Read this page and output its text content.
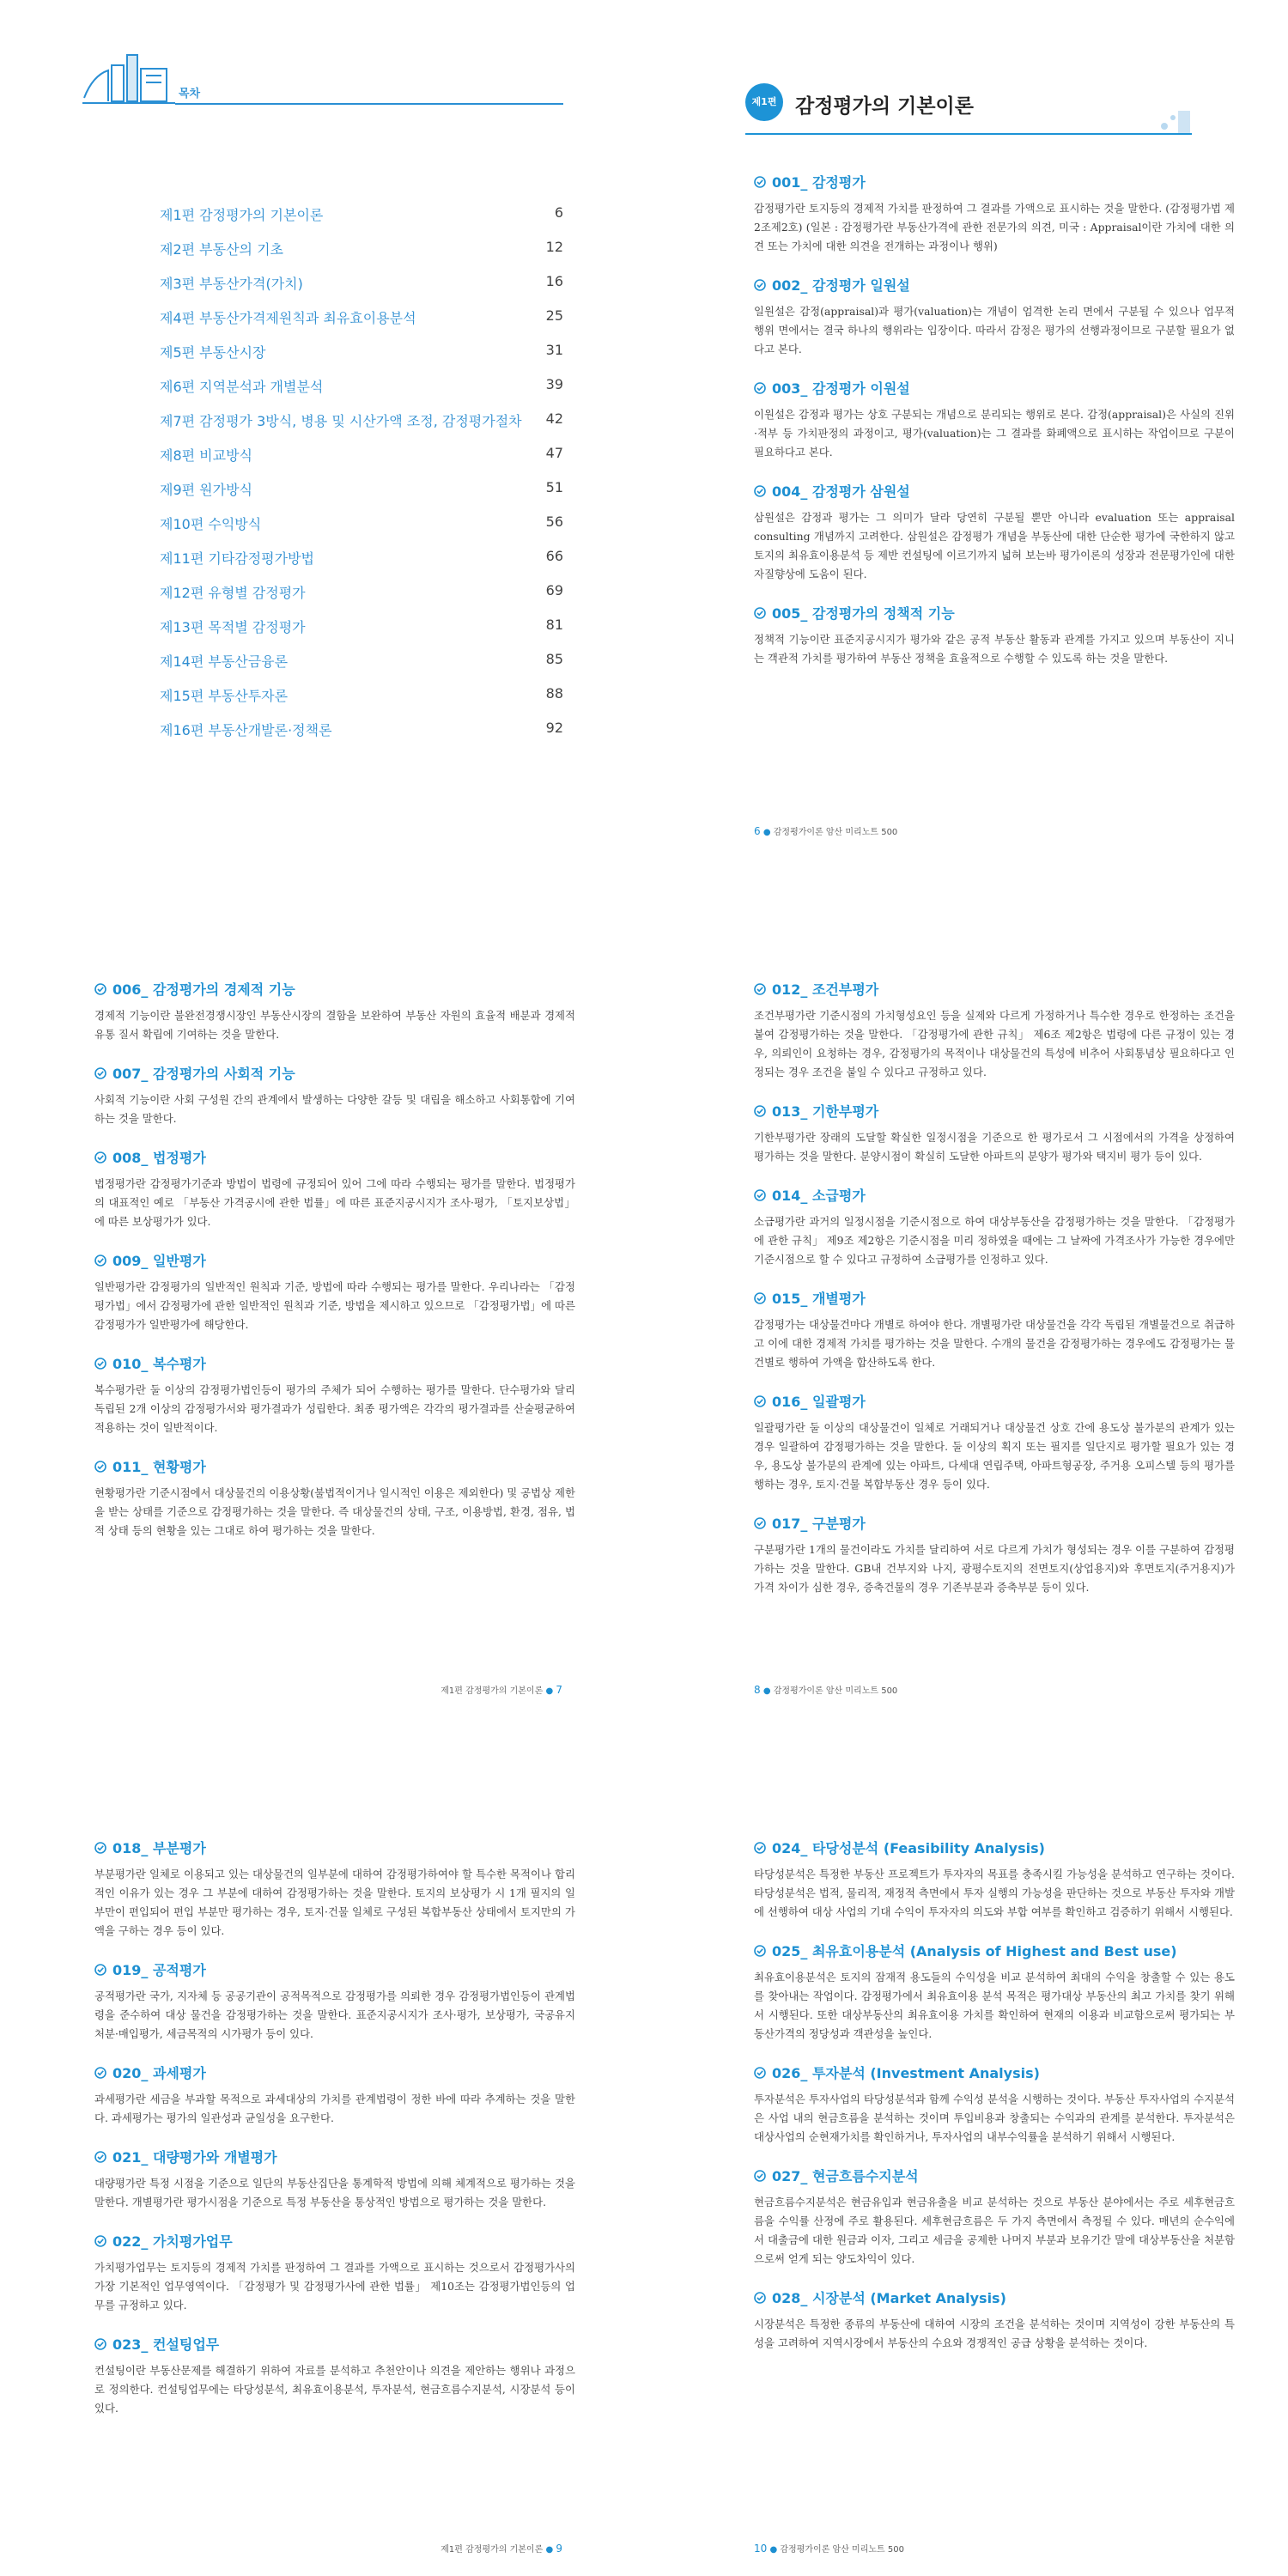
목차
제1편 감정평가의 기본이론	6
제2편 부동산의 기초	12
제3편 부동산가격(가치)	16
제4편 부동산가격제원칙과 최유효이용분석	25
제5편 부동산시장	31
제6편 지역분석과 개별분석	39
제7편 감정평가 3방식, 병용 및 시산가액 조정, 감정평가절차 42
제8편 비교방식	47
제9편 원가방식	51
제10편 수익방식	56
제11편 기타감정평가방법	66
제12편 유형별 감정평가	69
제13편 목적별 감정평가	81
제14편 부동산금융론	85
제15편 부동산투자론	88
제16편 부동산개발론·정책론	92
제1편 감정평가의 기본이론
001_ 감정평가

감정평가란 토지등의 경제적 가치를 판정하여 그 결과를 가액으로 표시하는 것을 말한다. (감정평가법 제2조제2호) (일본 : 감정평가란 부동산가격에 관한 전문가의 의견, 미국 : Appraisal이란 가치에 대한 의견 또는 가치에 대한 의견을 전개하는 과정이나 행위)

002_ 감정평가 일원설

일원설은 감정(appraisal)과 평가(valuation)는 개념이 엄격한 논리 면에서 구분될 수 있으나 업무적 행위 면에서는 결국 하나의 행위라는 입장이다. 따라서 감정은 평가의 선행과정이므로 구분할 필요가 없다고 본다.

003_ 감정평가 이원설

이원설은 감정과 평가는 상호 구분되는 개념으로 분리되는 행위로 본다. 감정(appraisal)은 사실의 진위·적부 등 가치판정의 과정이고, 평가(valuation)는 그 결과를 화폐액으로 표시하는 작업이므로 구분이 필요하다고 본다.

004_ 감정평가 삼원설

삼원설은 감정과 평가는 그 의미가 달라 당연히 구분될 뿐만 아니라 evaluation 또는 appraisal consulting 개념까지 고려한다. 삼원설은 감정평가 개념을 부동산에 대한 단순한 평가에 국한하지 않고 토지의 최유효이용분석 등 제반 컨설팅에 이르기까지 넓혀 보는바 평가이론의 성장과 전문평가인에 대한 자질향상에 도움이 된다.

005_ 감정평가의 정책적 기능

정책적 기능이란 표준지공시지가 평가와 같은 공적 부동산 활동과 관계를 가지고 있으며 부동산이 지니는 객관적 가치를 평가하여 부동산 정책을 효율적으로 수행할 수 있도록 하는 것을 말한다.

6 ● 감정평가이론 암산 미리노트 500
006_ 감정평가의 경제적 기능

경제적 기능이란 불완전경쟁시장인 부동산시장의 결함을 보완하여 부동산 자원의 효율적 배분과 경제적 유통 질서 확립에 기여하는 것을 말한다.

007_ 감정평가의 사회적 기능

사회적 기능이란 사회 구성원 간의 관계에서 발생하는 다양한 갈등 및 대립을 해소하고 사회통합에 기여하는 것을 말한다.

008_ 법정평가

법정평가란 감정평가기준과 방법이 법령에 규정되어 있어 그에 따라 수행되는 평가를 말한다. 법정평가의 대표적인 예로 「부동산 가격공시에 관한 법률」에 따른 표준지공시지가 조사·평가, 「토지보상법」에 따른 보상평가가 있다.

009_ 일반평가

일반평가란 감정평가의 일반적인 원칙과 기준, 방법에 따라 수행되는 평가를 말한다. 우리나라는 「감정평가법」에서 감정평가에 관한 일반적인 원칙과 기준, 방법을 제시하고 있으므로 「감정평가법」에 따른 감정평가가 일반평가에 해당한다.

010_ 복수평가

복수평가란 둘 이상의 감정평가법인등이 평가의 주체가 되어 수행하는 평가를 말한다. 단수평가와 달리 독립된 2개 이상의 감정평가서와 평가결과가 성립한다. 최종 평가액은 각각의 평가결과를 산술평균하여 적용하는 것이 일반적이다.

011_ 현황평가

현황평가란 기준시점에서 대상물건의 이용상황(불법적이거나 일시적인 이용은 제외한다) 및 공법상 제한을 받는 상태를 기준으로 감정평가하는 것을 말한다. 즉 대상물건의 상태, 구조, 이용방법, 환경, 점유, 법적 상태 등의 현황을 있는 그대로 하여 평가하는 것을 말한다.

제1편 감정평가의 기본이론 ● 7
012_ 조건부평가

조건부평가란 기준시점의 가치형성요인 등을 실제와 다르게 가정하거나 특수한 경우로 한정하는 조건을 붙여 감정평가하는 것을 말한다. 「감정평가에 관한 규칙」 제6조 제2항은 법령에 다른 규정이 있는 경우, 의뢰인이 요청하는 경우, 감정평가의 목적이나 대상물건의 특성에 비추어 사회통념상 필요하다고 인정되는 경우 조건을 붙일 수 있다고 규정하고 있다.

013_ 기한부평가

기한부평가란 장래의 도달할 확실한 일정시점을 기준으로 한 평가로서 그 시점에서의 가격을 상정하여 평가하는 것을 말한다. 분양시점이 확실히 도달한 아파트의 분양가 평가와 택지비 평가 등이 있다.

014_ 소급평가

소급평가란 과거의 일정시점을 기준시점으로 하여 대상부동산을 감정평가하는 것을 말한다. 「감정평가에 관한 규칙」 제9조 제2항은 기준시점을 미리 정하였을 때에는 그 날짜에 가격조사가 가능한 경우에만 기준시점으로 할 수 있다고 규정하여 소급평가를 인정하고 있다.

015_ 개별평가

감정평가는 대상물건마다 개별로 하여야 한다. 개별평가란 대상물건을 각각 독립된 개별물건으로 취급하고 이에 대한 경제적 가치를 평가하는 것을 말한다. 수개의 물건을 감정평가하는 경우에도 감정평가는 물건별로 행하여 가액을 합산하도록 한다.

016_ 일괄평가

일괄평가란 둘 이상의 대상물건이 일체로 거래되거나 대상물건 상호 간에 용도상 불가분의 관계가 있는 경우 일괄하여 감정평가하는 것을 말한다. 둘 이상의 획지 또는 필지를 일단지로 평가할 필요가 있는 경우, 용도상 불가분의 관계에 있는 아파트, 다세대 연립주택, 아파트형공장, 주거용 오피스텔 등의 평가를 행하는 경우, 토지·건물 복합부동산 경우 등이 있다.

017_ 구분평가

구분평가란 1개의 물건이라도 가치를 달리하여 서로 다르게 가치가 형성되는 경우 이를 구분하여 감정평가하는 것을 말한다. GB내 건부지와 나지, 광평수토지의 전면토지(상업용지)와 후면토지(주거용지)가 가격 차이가 심한 경우, 증축건물의 경우 기존부분과 증축부분 등이 있다.

8 ● 감정평가이론 암산 미리노트 500
018_ 부분평가

부분평가란 일체로 이용되고 있는 대상물건의 일부분에 대하여 감정평가하여야 할 특수한 목적이나 합리적인 이유가 있는 경우 그 부분에 대하여 감정평가하는 것을 말한다. 토지의 보상평가 시 1개 필지의 일부만이 편입되어 편입 부분만 평가하는 경우, 토지·건물 일체로 구성된 복합부동산 상태에서 토지만의 가액을 구하는 경우 등이 있다.

019_ 공적평가

공적평가란 국가, 지자체 등 공공기관이 공적목적으로 감정평가를 의뢰한 경우 감정평가법인등이 관계법령을 준수하여 대상 물건을 감정평가하는 것을 말한다. 표준지공시지가 조사·평가, 보상평가, 국공유지 처분·매입평가, 세금목적의 시가평가 등이 있다.

020_ 과세평가

과세평가란 세금을 부과할 목적으로 과세대상의 가치를 관계법령이 정한 바에 따라 추계하는 것을 말한다. 과세평가는 평가의 일관성과 균일성을 요구한다.

021_ 대량평가와 개별평가

대량평가란 특정 시점을 기준으로 일단의 부동산집단을 통계학적 방법에 의해 체계적으로 평가하는 것을 말한다. 개별평가란 평가시점을 기준으로 특정 부동산을 통상적인 방법으로 평가하는 것을 말한다.

022_ 가치평가업무

가치평가업무는 토지등의 경제적 가치를 판정하여 그 결과를 가액으로 표시하는 것으로서 감정평가사의 가장 기본적인 업무영역이다. 「감정평가 및 감정평가사에 관한 법률」 제10조는 감정평가법인등의 업무를 규정하고 있다.

023_ 컨설팅업무

컨설팅이란 부동산문제를 해결하기 위하여 자료를 분석하고 추천안이나 의견을 제안하는 행위나 과정으로 정의한다. 컨설팅업무에는 타당성분석, 최유효이용분석, 투자분석, 현금흐름수지분석, 시장분석 등이 있다.

제1편 감정평가의 기본이론 ● 9
024_ 타당성분석 (Feasibility Analysis)

타당성분석은 특정한 부동산 프로젝트가 투자자의 목표를 충족시킬 가능성을 분석하고 연구하는 것이다. 타당성분석은 법적, 물리적, 재정적 측면에서 투자 실행의 가능성을 판단하는 것으로 부동산 투자와 개발에 선행하여 대상 사업의 기대 수익이 투자자의 의도와 부합 여부를 확인하고 검증하기 위해서 시행된다.

025_ 최유효이용분석 (Analysis of Highest and Best use)

최유효이용분석은 토지의 잠재적 용도들의 수익성을 비교 분석하여 최대의 수익을 창출할 수 있는 용도를 찾아내는 작업이다. 감정평가에서 최유효이용 분석 목적은 평가대상 부동산의 최고 가치를 찾기 위해서 시행된다. 또한 대상부동산의 최유효이용 가치를 확인하여 현재의 이용과 비교함으로써 평가되는 부동산가격의 정당성과 객관성을 높인다.

026_ 투자분석 (Investment Analysis)

투자분석은 투자사업의 타당성분석과 함께 수익성 분석을 시행하는 것이다. 부동산 투자사업의 수지분석은 사업 내의 현금흐름을 분석하는 것이며 투입비용과 창출되는 수익과의 관계를 분석한다. 투자분석은 대상사업의 순현재가치를 확인하거나, 투자사업의 내부수익률을 분석하기 위해서 시행된다.

027_ 현금흐름수지분석

현금흐름수지분석은 현금유입과 현금유출을 비교 분석하는 것으로 부동산 분야에서는 주로 세후현금흐름을 수익률 산정에 주로 활용된다. 세후현금흐름은 두 가지 측면에서 측정될 수 있다. 매년의 순수익에서 대출금에 대한 원금과 이자, 그리고 세금을 공제한 나머지 부분과 보유기간 말에 대상부동산을 처분함으로써 얻게 되는 양도차익이 있다.

028_ 시장분석 (Market Analysis)

시장분석은 특정한 종류의 부동산에 대하여 시장의 조건을 분석하는 것이며 지역성이 강한 부동산의 특성을 고려하여 지역시장에서 부동산의 수요와 경쟁적인 공급 상황을 분석하는 것이다.

10 ● 감정평가이론 암산 미리노트 500
